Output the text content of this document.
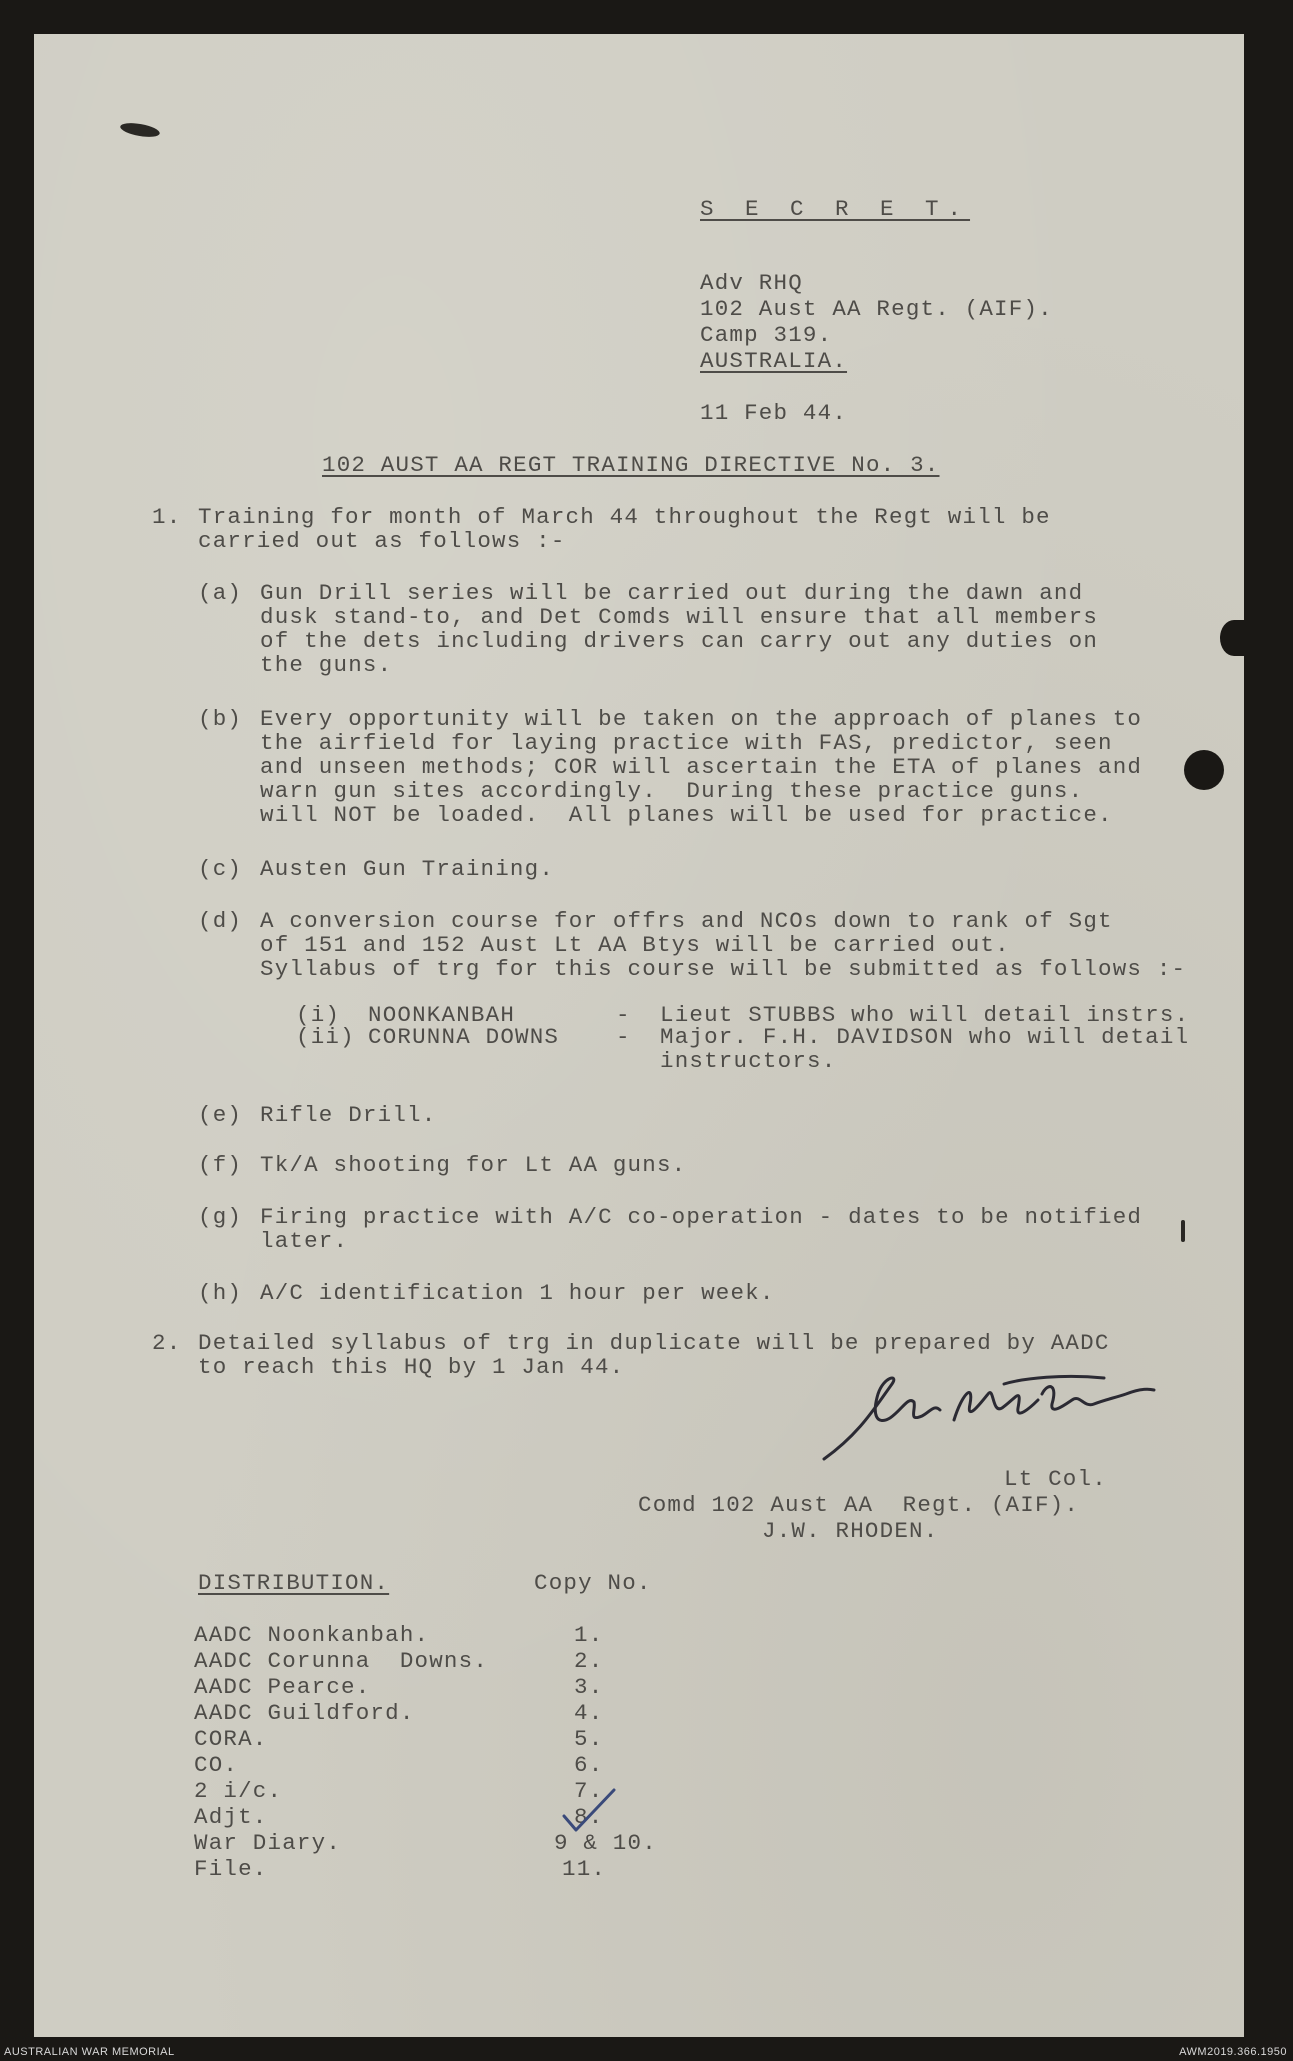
S E C R E T.
Adv RHQ
102 Aust AA Regt. (AIF).
Camp 319.
AUSTRALIA.
11 Feb 44.
102 AUST AA REGT TRAINING DIRECTIVE No. 3.
1. Training for month of March 44 throughout the Regt will be
carried out as follows :-
(a) Gun Drill series will be carried out during the dawn and
dusk stand-to, and Det Comds will ensure that all members
of the dets including drivers can carry out any duties on
the guns.
(b) Every opportunity will be taken on the approach of planes to
the airfield for laying practice with FAS, predictor, seen
and unseen methods; COR will ascertain the ETA of planes and
warn gun sites accordingly.  During these practice guns.
will NOT be loaded.  All planes will be used for practice.
(c) Austen Gun Training.
(d) A conversion course for offrs and NCOs down to rank of Sgt
of 151 and 152 Aust Lt AA Btys will be carried out.
Syllabus of trg for this course will be submitted as follows :-
(i) NOONKANBAH	- Lieut STUBBS who will detail instrs.
(ii) CORUNNA DOWNS	- Major. F.H. DAVIDSON who will detail
instructors.
(e) Rifle Drill.
(f) Tk/A shooting for Lt AA guns.
(g) Firing practice with A/C co-operation - dates to be notified
later.
(h) A/C identification 1 hour per week.
2. Detailed syllabus of trg in duplicate will be prepared by AADC
to reach this HQ by 1 Jan 44.
Lt Col.
Comd 102 Aust AA  Regt. (AIF).
J.W. RHODEN.
DISTRIBUTION.	Copy No.
AADC Noonkanbah.	1.
AADC Corunna  Downs.	2.
AADC Pearce.	3.
AADC Guildford.	4.
CORA.	5.
CO.	6.
2 i/c.	7.
Adjt.	8.
War Diary.	9 & 10.
File.	11.
AUSTRALIAN WAR MEMORIAL	AWM2019.366.1950
